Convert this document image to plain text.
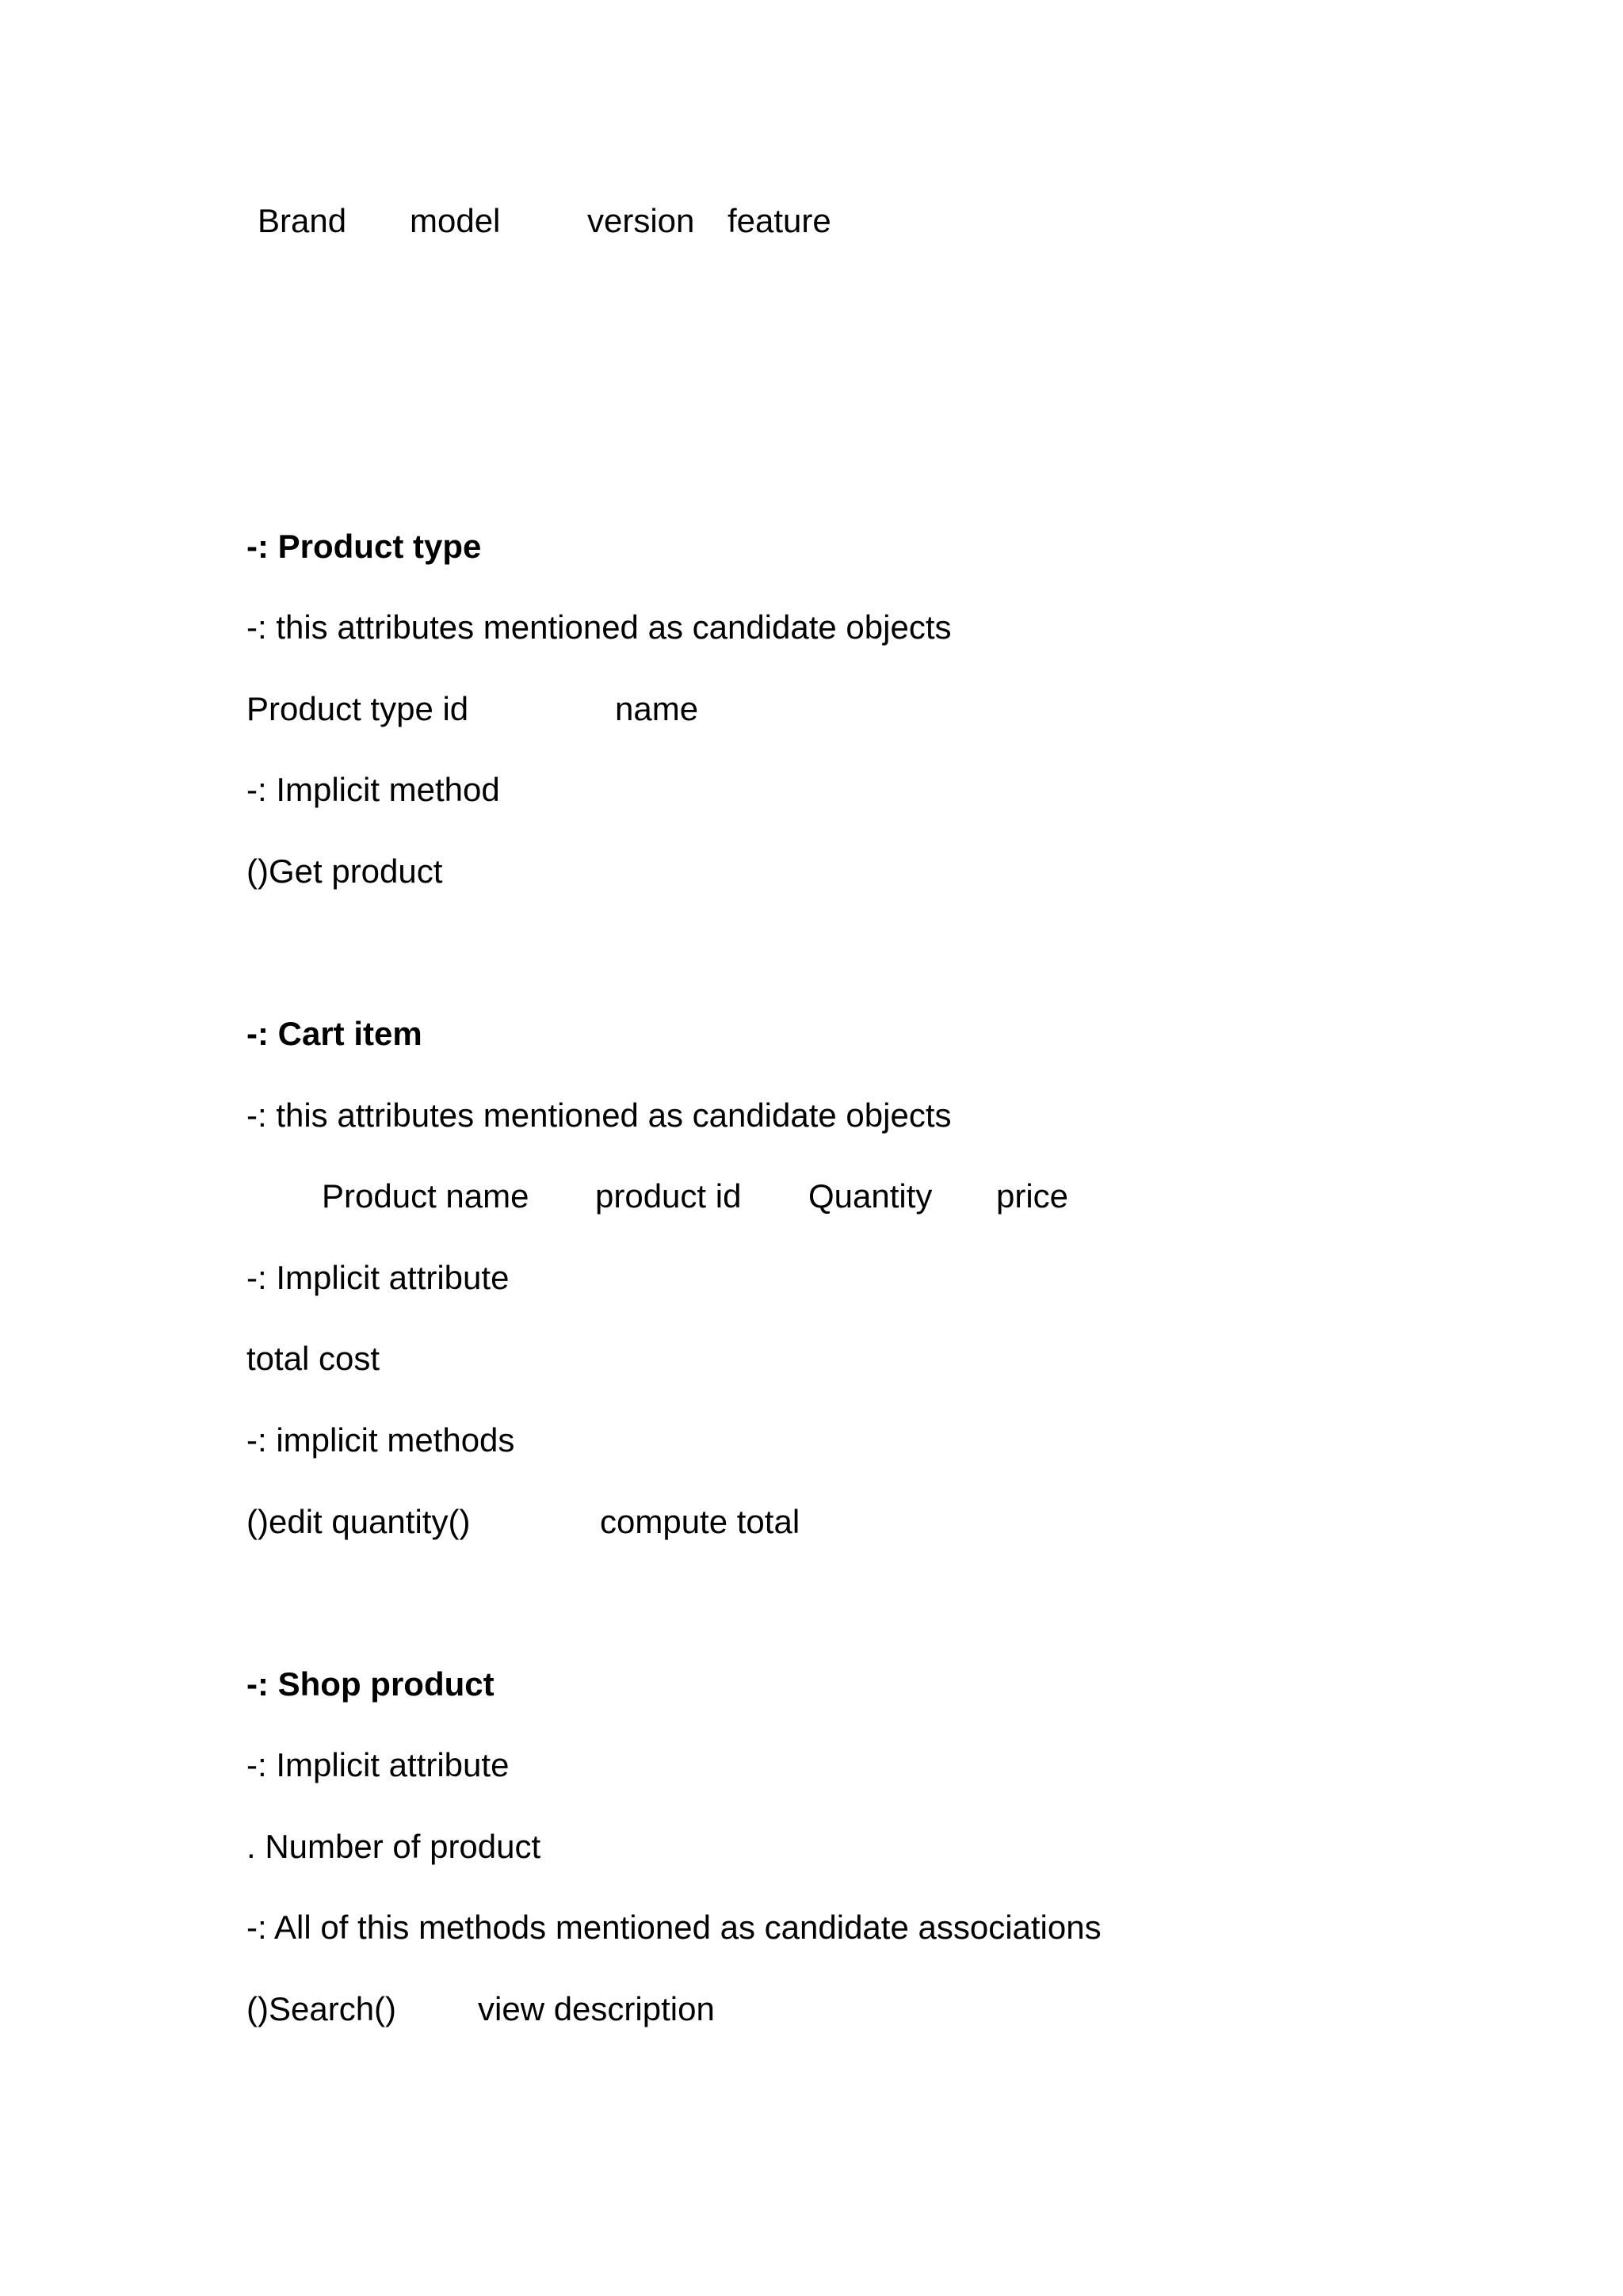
Brand

model

	version

feature

-: Product type
-: this attributes mentioned as candidate objects

Product type id

	name

-: Implicit method
()Get product
-: Cart item
-: this attributes mentioned as candidate objects

Product name

product id

Quantity

price

-: Implicit attribute
total cost
-: implicit methods

()edit quantity()

	compute total

-: Shop product
-: Implicit attribute
. Number of product
-: All of this methods mentioned as candidate associations

()Search()

view description
